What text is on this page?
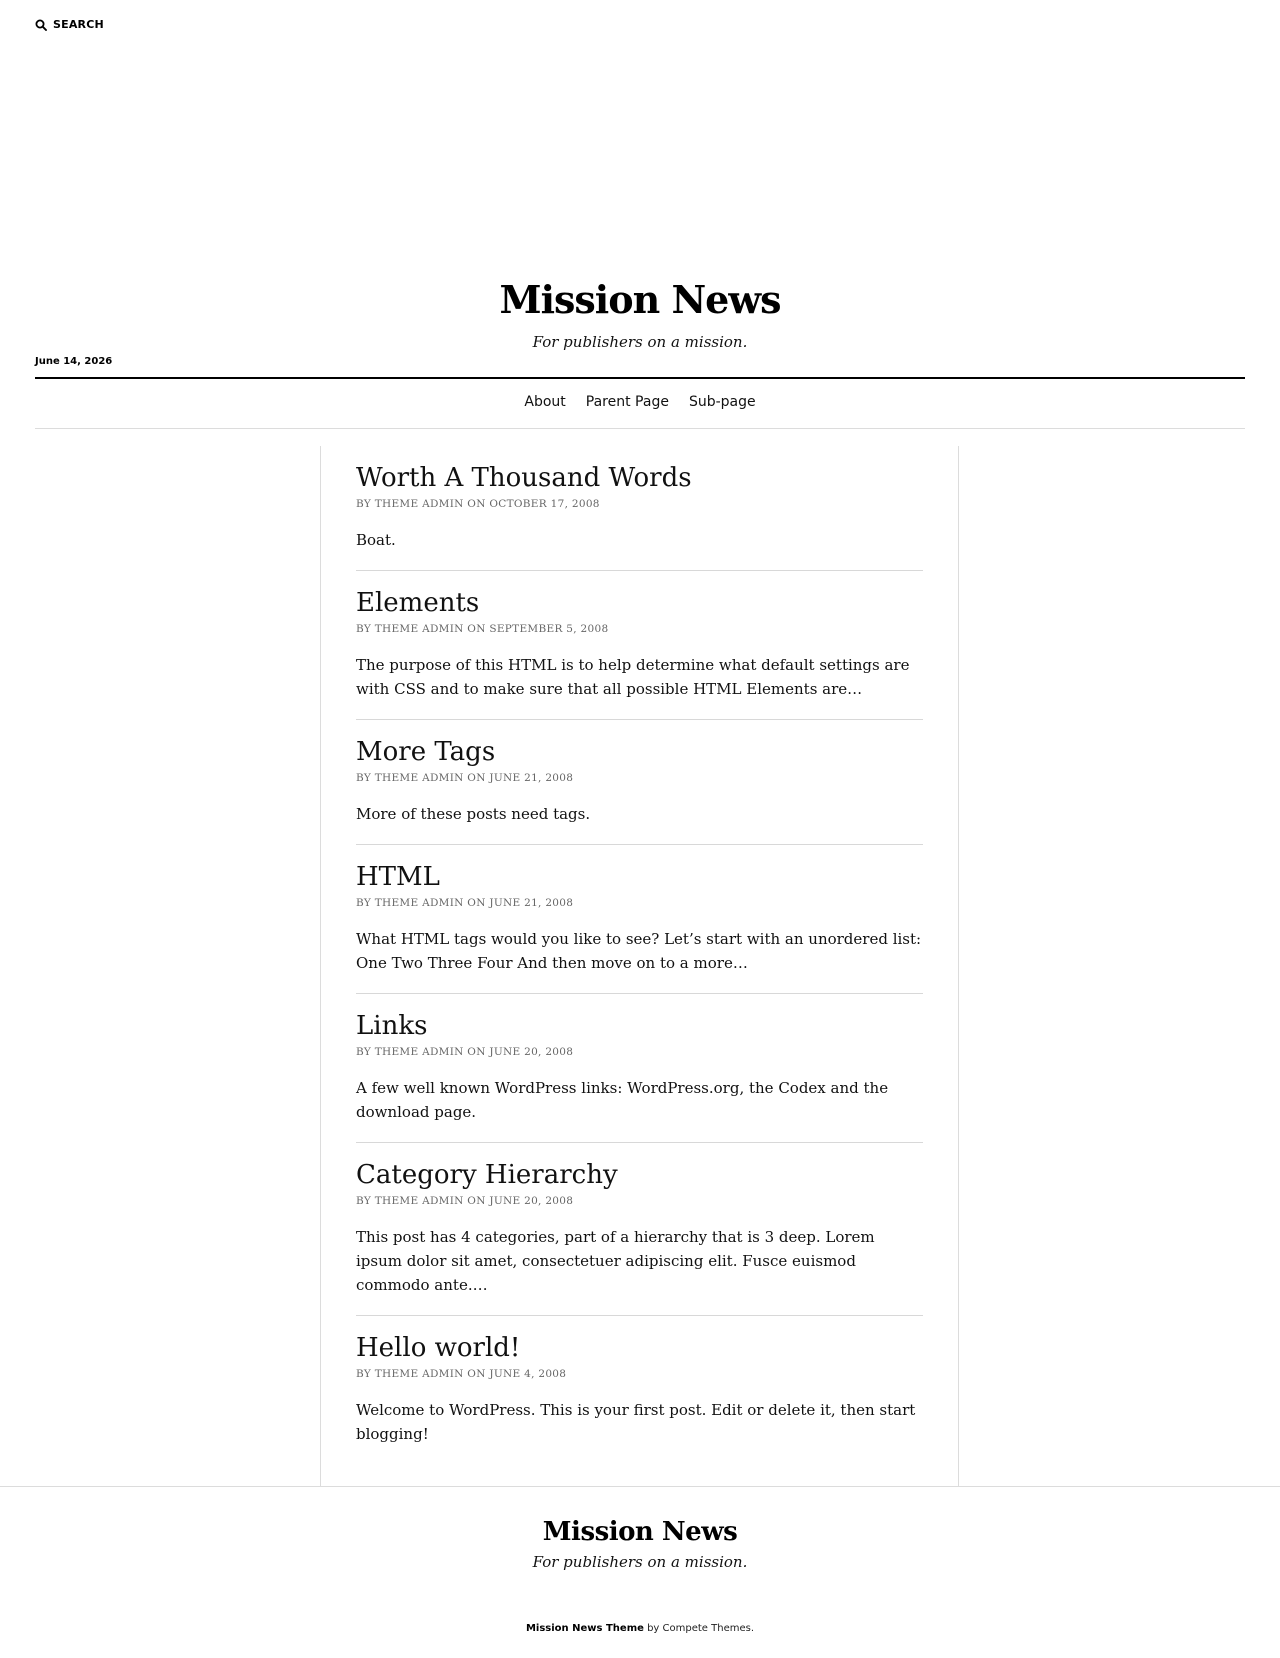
SEARCH
Mission News
For publishers on a mission.
June 14, 2026
About Parent Page Sub-page
Worth A Thousand Words
BY THEME ADMIN ON OCTOBER 17, 2008
Boat.
Elements
BY THEME ADMIN ON SEPTEMBER 5, 2008
The purpose of this HTML is to help determine what default settings are with CSS and to make sure that all possible HTML Elements are…
More Tags
BY THEME ADMIN ON JUNE 21, 2008
More of these posts need tags.
HTML
BY THEME ADMIN ON JUNE 21, 2008
What HTML tags would you like to see? Let’s start with an unordered list: One Two Three Four And then move on to a more…
Links
BY THEME ADMIN ON JUNE 20, 2008
A few well known WordPress links: WordPress.org, the Codex and the download page.
Category Hierarchy
BY THEME ADMIN ON JUNE 20, 2008
This post has 4 categories, part of a hierarchy that is 3 deep. Lorem ipsum dolor sit amet, consectetuer adipiscing elit. Fusce euismod commodo ante.…
Hello world!
BY THEME ADMIN ON JUNE 4, 2008
Welcome to WordPress. This is your first post. Edit or delete it, then start blogging!
Mission News
For publishers on a mission.
Mission News Theme by Compete Themes.
